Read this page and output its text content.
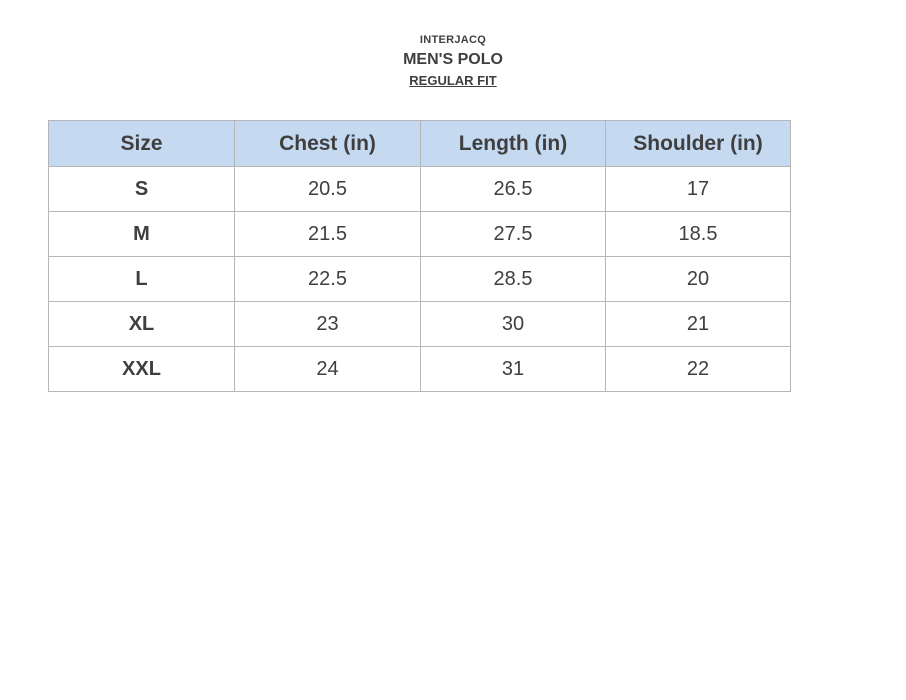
INTERJACQ
MEN'S POLO
REGULAR FIT
Size	Chest (in)	Length (in)	Shoulder (in)
S	20.5	26.5	17
M	21.5	27.5	18.5
L	22.5	28.5	20
XL	23	30	21
XXL	24	31	22
